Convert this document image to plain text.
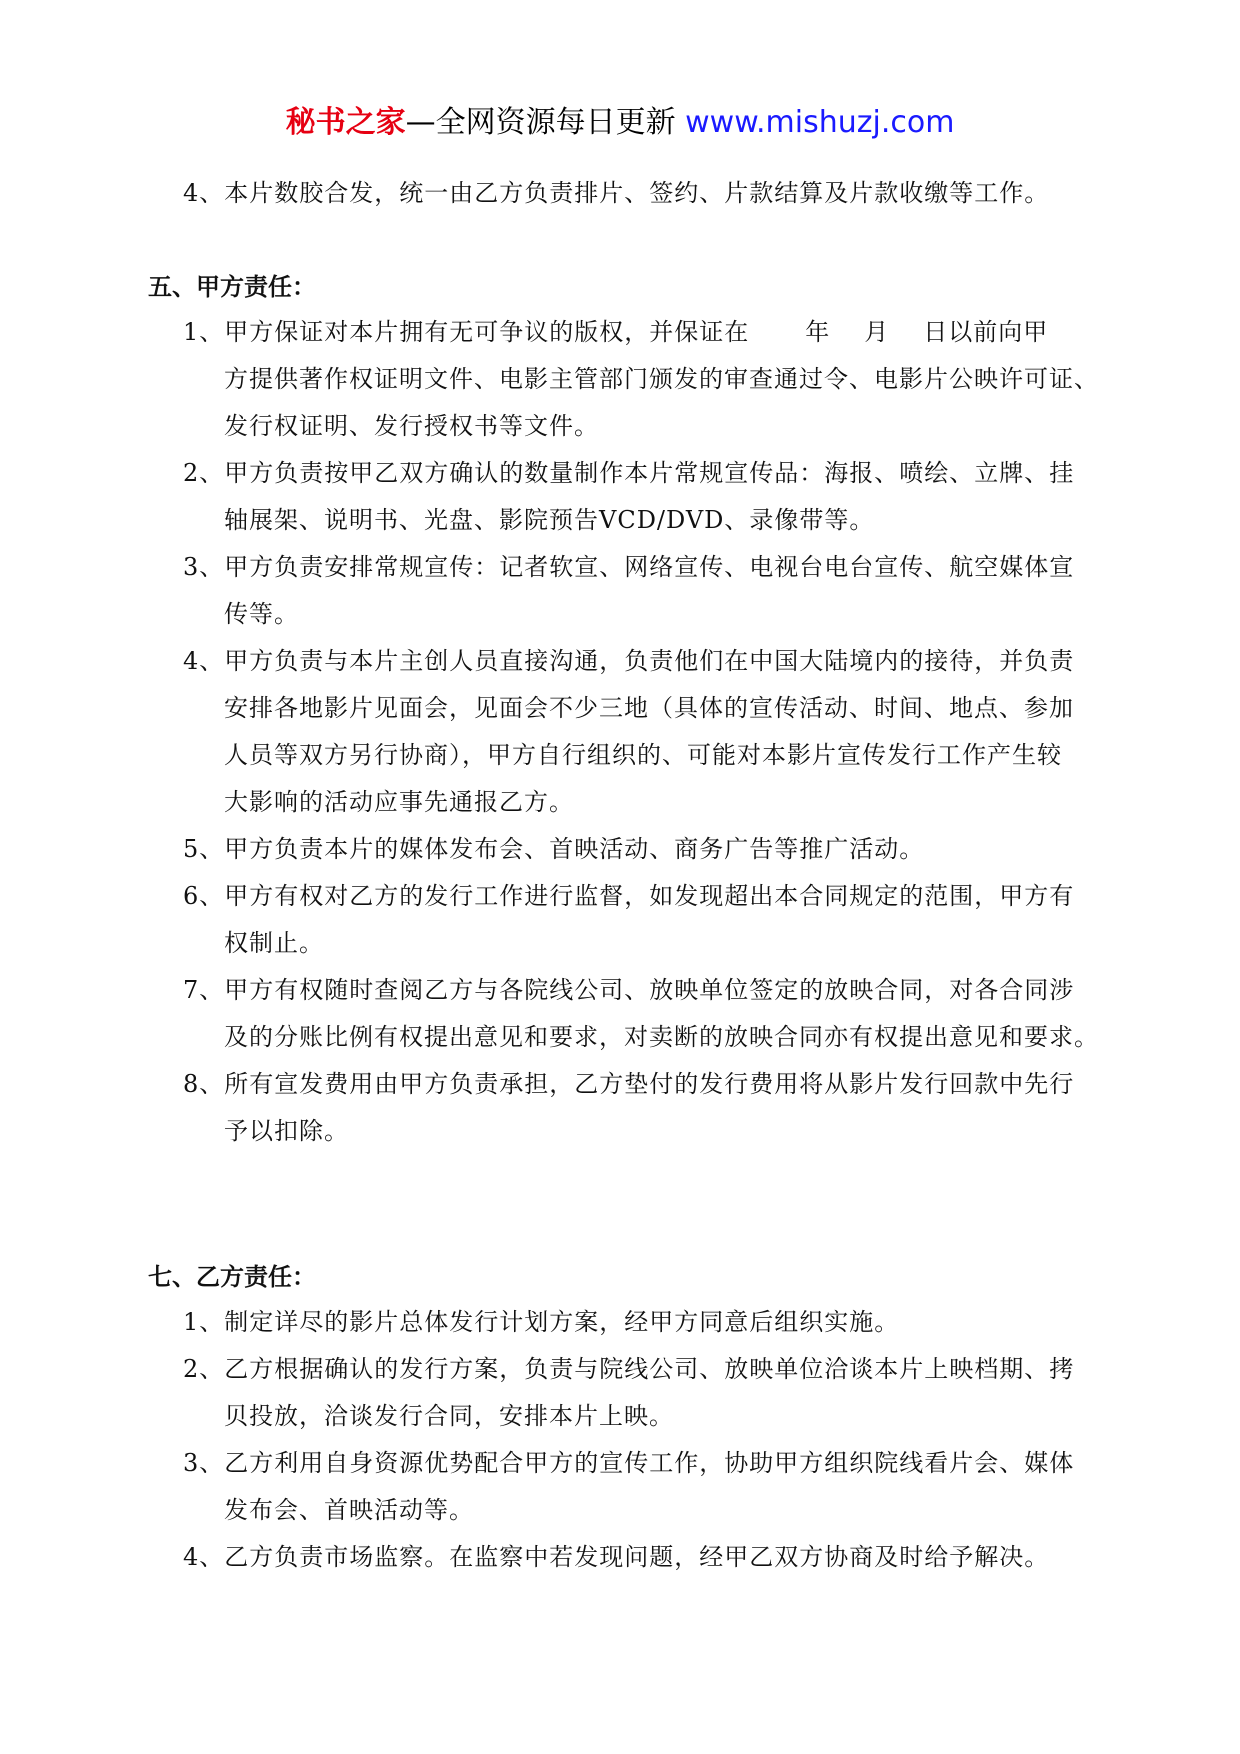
秘书之家—全网资源每日更新 www.mishuzj.com
4、本片数胶合发，统一由乙方负责排片、签约、片款结算及片款收缴等工作。
五、甲方责任：
1、甲方保证对本片拥有无可争议的版权，并保证在 年 月 日以前向甲
方提供著作权证明文件、电影主管部门颁发的审查通过令、电影片公映许可证、
发行权证明、发行授权书等文件。
2、甲方负责按甲乙双方确认的数量制作本片常规宣传品：海报、喷绘、立牌、挂
轴展架、说明书、光盘、影院预告VCD/DVD、录像带等。
3、甲方负责安排常规宣传：记者软宣、网络宣传、电视台电台宣传、航空媒体宣
传等。
4、甲方负责与本片主创人员直接沟通，负责他们在中国大陆境内的接待，并负责
安排各地影片见面会，见面会不少三地（具体的宣传活动、时间、地点、参加
人员等双方另行协商），甲方自行组织的、可能对本影片宣传发行工作产生较
大影响的活动应事先通报乙方。
5、甲方负责本片的媒体发布会、首映活动、商务广告等推广活动。
6、甲方有权对乙方的发行工作进行监督，如发现超出本合同规定的范围，甲方有
权制止。
7、甲方有权随时查阅乙方与各院线公司、放映单位签定的放映合同，对各合同涉
及的分账比例有权提出意见和要求，对卖断的放映合同亦有权提出意见和要求。
8、所有宣发费用由甲方负责承担，乙方垫付的发行费用将从影片发行回款中先行
予以扣除。
七、乙方责任：
1、制定详尽的影片总体发行计划方案，经甲方同意后组织实施。
2、乙方根据确认的发行方案，负责与院线公司、放映单位洽谈本片上映档期、拷
贝投放，洽谈发行合同，安排本片上映。
3、乙方利用自身资源优势配合甲方的宣传工作，协助甲方组织院线看片会、媒体
发布会、首映活动等。
4、乙方负责市场监察。在监察中若发现问题，经甲乙双方协商及时给予解决。
